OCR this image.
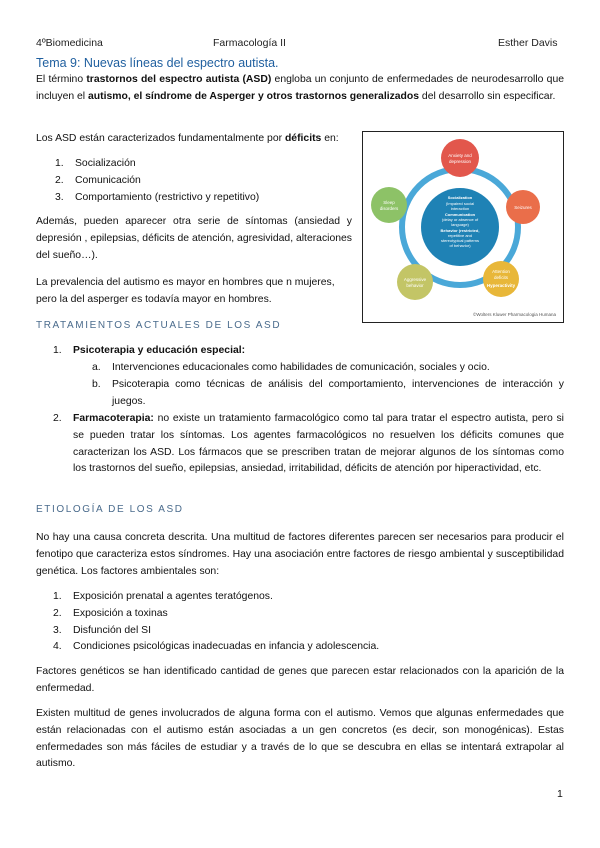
4ºBiomedicina	Farmacología II	Esther Davis
Tema 9: Nuevas líneas del espectro autista.
El término trastornos del espectro autista (ASD) engloba un conjunto de enfermedades de neurodesarrollo que incluyen el autismo, el síndrome de Asperger y otros trastornos generalizados del desarrollo sin especificar.
Los ASD están caracterizados fundamentalmente por déficits en:
1. Socialización
2. Comunicación
3. Comportamiento (restrictivo y repetitivo)
Además, pueden aparecer otra serie de síntomas (ansiedad y depresión , epilepsias, déficits de atención, agresividad, alteraciones del sueño…).
La prevalencia del autismo es mayor en hombres que n mujeres, pero la del asperger es todavía mayor en hombres.
Socialization
(Impaired social
interaction
Communication
(delay or absence of
language)
Behavior (restricted,
repetitive and
stereotypical patterns
of behavior)
Anxiety and
depression
Seizures
Attention
deficits
Hyperactivity
Aggressive
behavior
Sleep
disorders
©Wolters Kluwer Pharmacologia Humana
TRATAMIENTOS ACTUALES DE LOS ASD
1. Psicoterapia y educación especial:
a. Intervenciones educacionales como habilidades de comunicación, sociales y ocio.
b. Psicoterapia como técnicas de análisis del comportamiento, intervenciones de interacción y juegos.
2. Farmacoterapia: no existe un tratamiento farmacológico como tal para tratar el espectro autista, pero si se pueden tratar los síntomas. Los agentes farmacológicos no resuelven los déficits comunes que caracterizan los ASD. Los fármacos que se prescriben tratan de mejorar algunos de los síntomas como los trastornos del sueño, epilepsias, ansiedad, irritabilidad, déficits de atención por hiperactividad, etc.
ETIOLOGÍA DE LOS ASD
No hay una causa concreta descrita. Una multitud de factores diferentes parecen ser necesarios para producir el fenotipo que caracteriza estos síndromes. Hay una asociación entre factores de riesgo ambiental y susceptibilidad genética. Los factores ambientales son:
1. Exposición prenatal a agentes teratógenos.
2. Exposición a toxinas
3. Disfunción del SI
4. Condiciones psicológicas inadecuadas en infancia y adolescencia.
Factores genéticos se han identificado cantidad de genes que parecen estar relacionados con la aparición de la enfermedad.
Existen multitud de genes involucrados de alguna forma con el autismo. Vemos que algunas enfermedades que están relacionadas con el autismo están asociadas a un gen concretos (es decir, son monogénicas). Estas enfermedades son más fáciles de estudiar y a través de lo que se descubra en ellas se intentará extrapolar al autismo.
1
